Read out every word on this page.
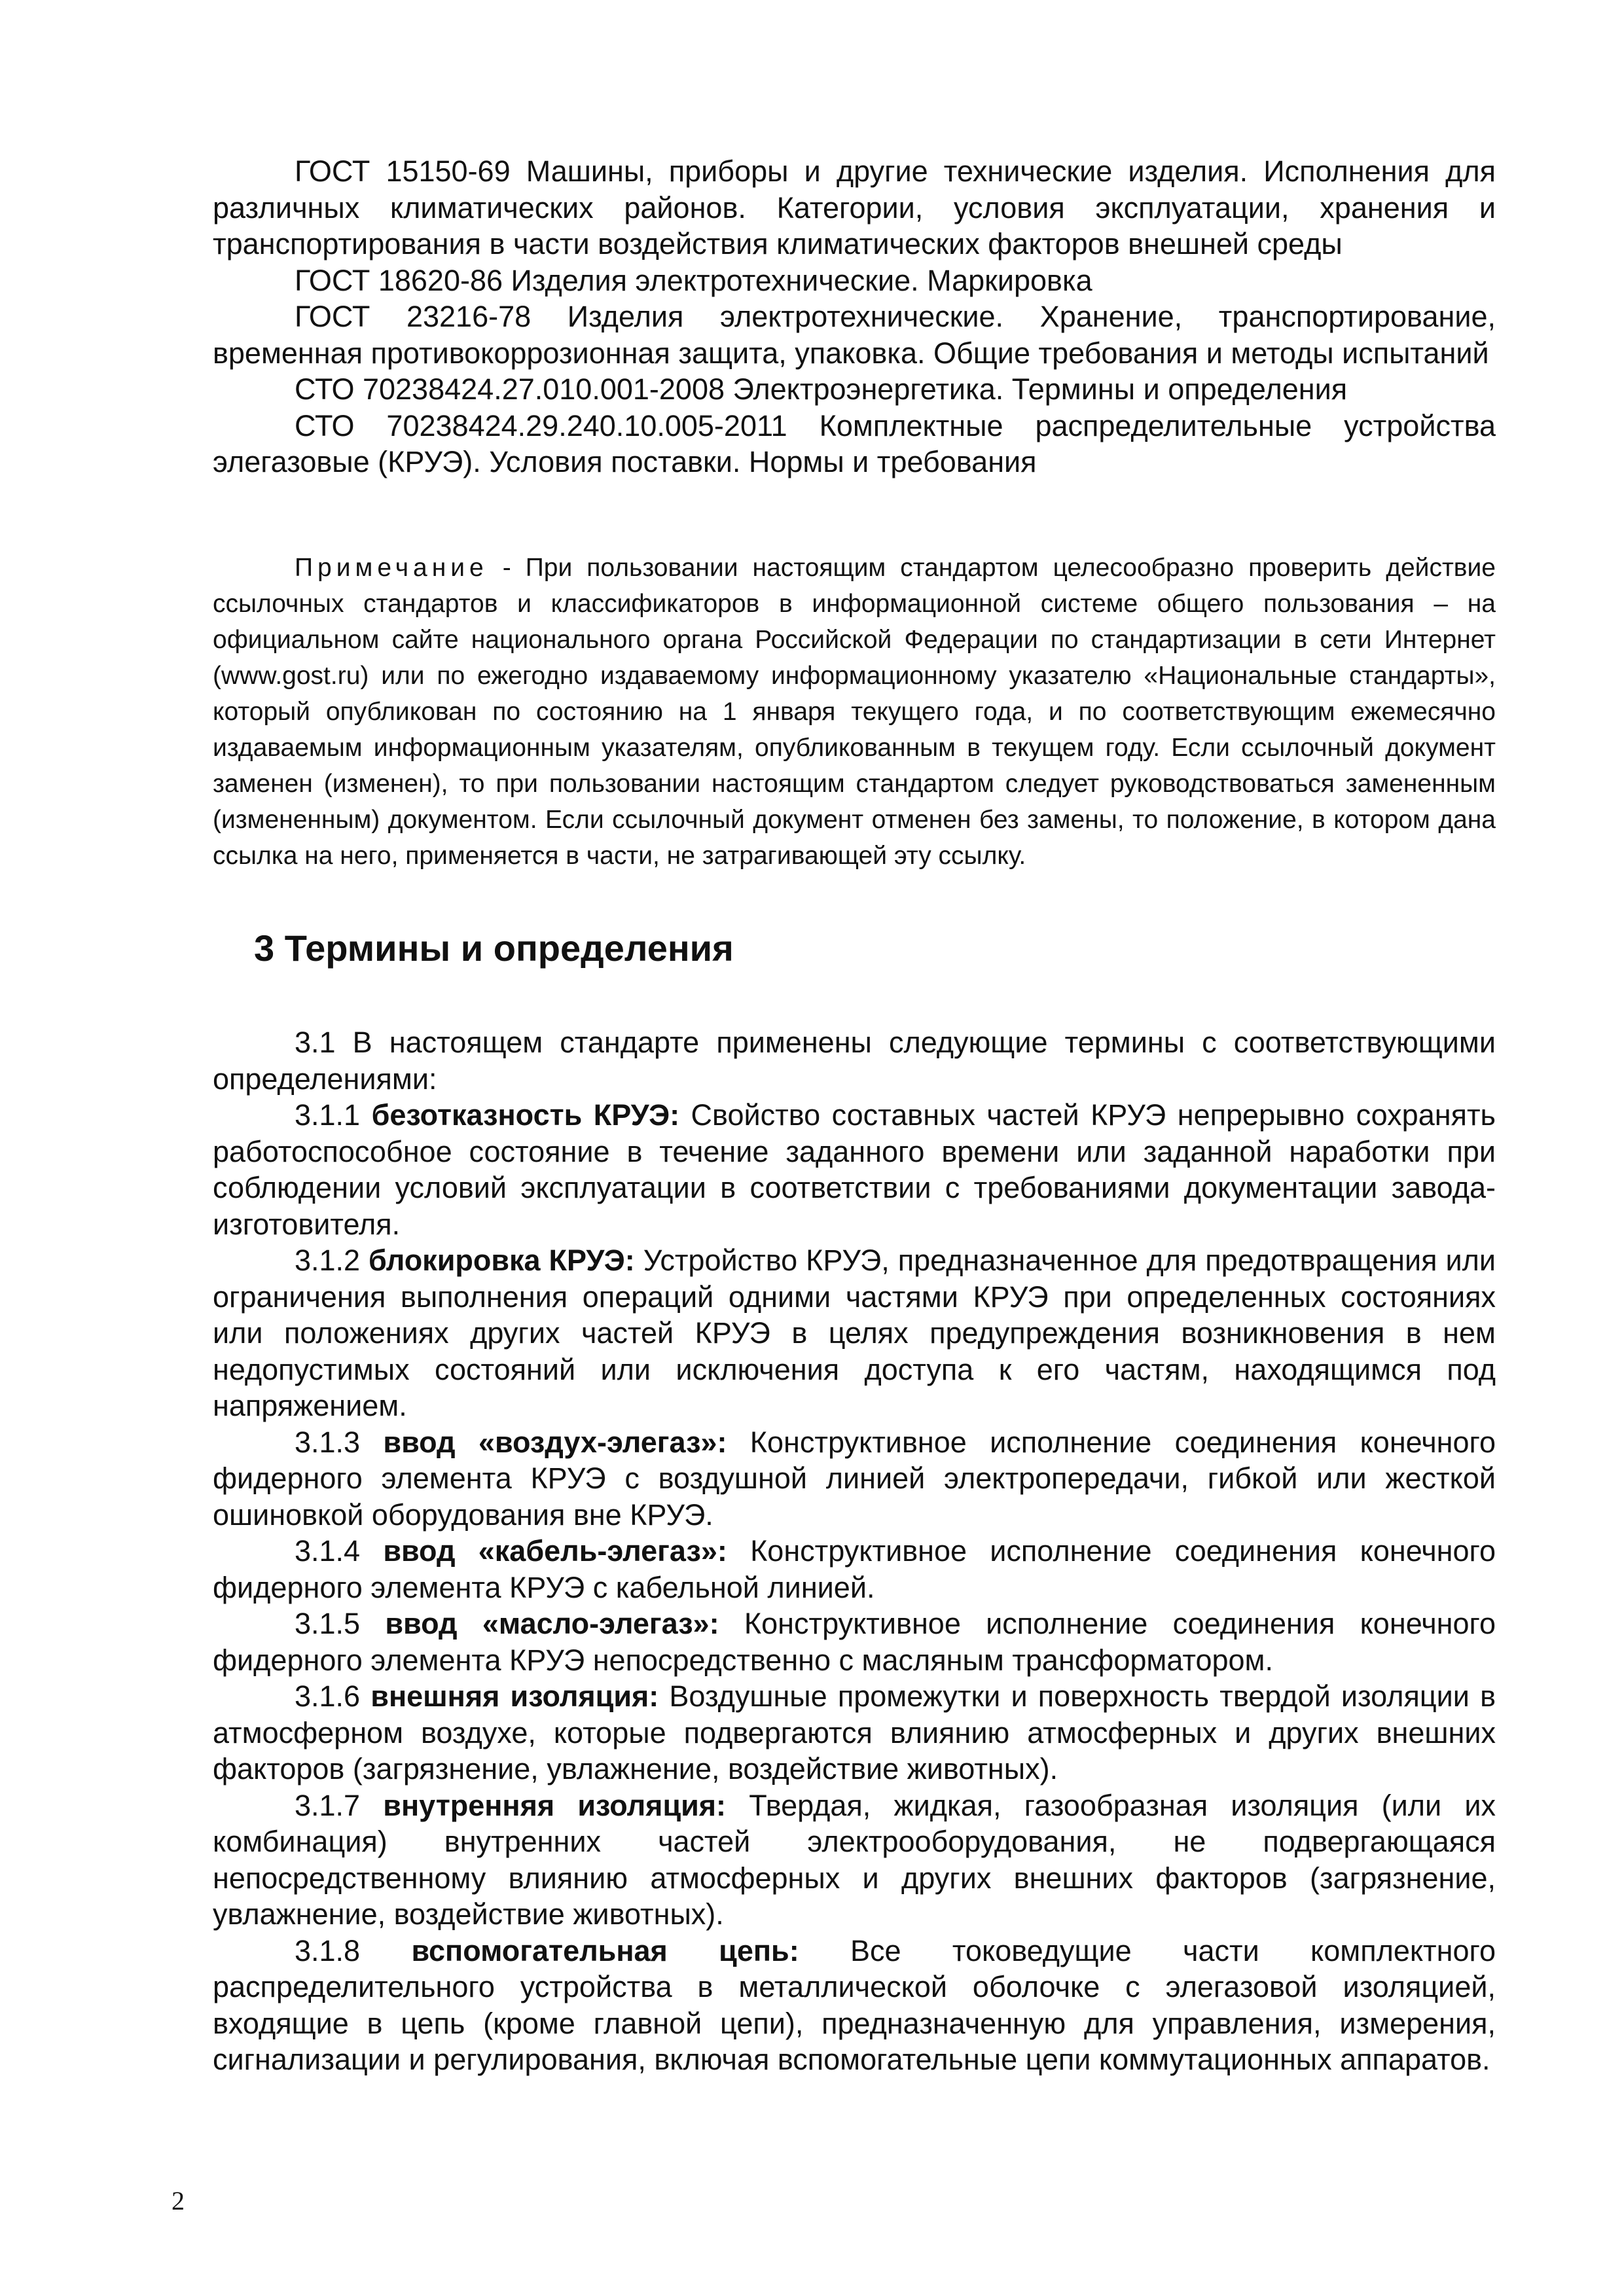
ГОСТ 15150-69 Машины, приборы и другие технические изделия. Исполнения для различных климатических районов. Категории, условия эксплуатации, хранения и транспортирования в части воздействия климатических факторов внешней среды

ГОСТ 18620-86 Изделия электротехнические. Маркировка

ГОСТ 23216-78 Изделия электротехнические. Хранение, транспортирование, временная противокоррозионная защита, упаковка. Общие требования и методы испытаний

СТО 70238424.27.010.001-2008 Электроэнергетика. Термины и определения

СТО 70238424.29.240.10.005-2011 Комплектные распределительные устройства элегазовые (КРУЭ). Условия поставки. Нормы и требования

Примечание - При пользовании настоящим стандартом целесообразно проверить действие ссылочных стандартов и классификаторов в информационной системе общего пользования – на официальном сайте национального органа Российской Федерации по стандартизации в сети Интернет (www.gost.ru) или по ежегодно издаваемому информационному указателю «Национальные стандарты», который опубликован по состоянию на 1 января текущего года, и по соответствующим ежемесячно издаваемым информационным указателям, опубликованным в текущем году. Если ссылочный документ заменен (изменен), то при пользовании настоящим стандартом следует руководствоваться замененным (измененным) документом. Если ссылочный документ отменен без замены, то положение, в котором дана ссылка на него, применяется в части, не затрагивающей эту ссылку.

3 Термины и определения

3.1 В настоящем стандарте применены следующие термины с соответствующими определениями:

3.1.1 безотказность КРУЭ: Свойство составных частей КРУЭ непрерывно сохранять работоспособное состояние в течение заданного времени или заданной наработки при соблюдении условий эксплуатации в соответствии с требованиями документации завода-изготовителя.

3.1.2 блокировка КРУЭ: Устройство КРУЭ, предназначенное для предотвращения или ограничения выполнения операций одними частями КРУЭ при определенных состояниях или положениях других частей КРУЭ в целях предупреждения возникновения в нем недопустимых состояний или исключения доступа к его частям, находящимся под напряжением.

3.1.3 ввод «воздух-элегаз»: Конструктивное исполнение соединения конечного фидерного элемента КРУЭ с воздушной линией электропередачи, гибкой или жесткой ошиновкой оборудования вне КРУЭ.

3.1.4 ввод «кабель-элегаз»: Конструктивное исполнение соединения конечного фидерного элемента КРУЭ с кабельной линией.

3.1.5 ввод «масло-элегаз»: Конструктивное исполнение соединения конечного фидерного элемента КРУЭ непосредственно с масляным трансформатором.

3.1.6 внешняя изоляция: Воздушные промежутки и поверхность твердой изоляции в атмосферном воздухе, которые подвергаются влиянию атмосферных и других внешних факторов (загрязнение, увлажнение, воздействие животных).

3.1.7 внутренняя изоляция: Твердая, жидкая, газообразная изоляция (или их комбинация) внутренних частей электрооборудования, не подвергающаяся непосредственному влиянию атмосферных и других внешних факторов (загрязнение, увлажнение, воздействие животных).

3.1.8 вспомогательная цепь: Все токоведущие части комплектного распределительного устройства в металлической оболочке с элегазовой изоляцией, входящие в цепь (кроме главной цепи), предназначенную для управления, измерения, сигнализации и регулирования, включая вспомогательные цепи коммутационных аппаратов.

2
